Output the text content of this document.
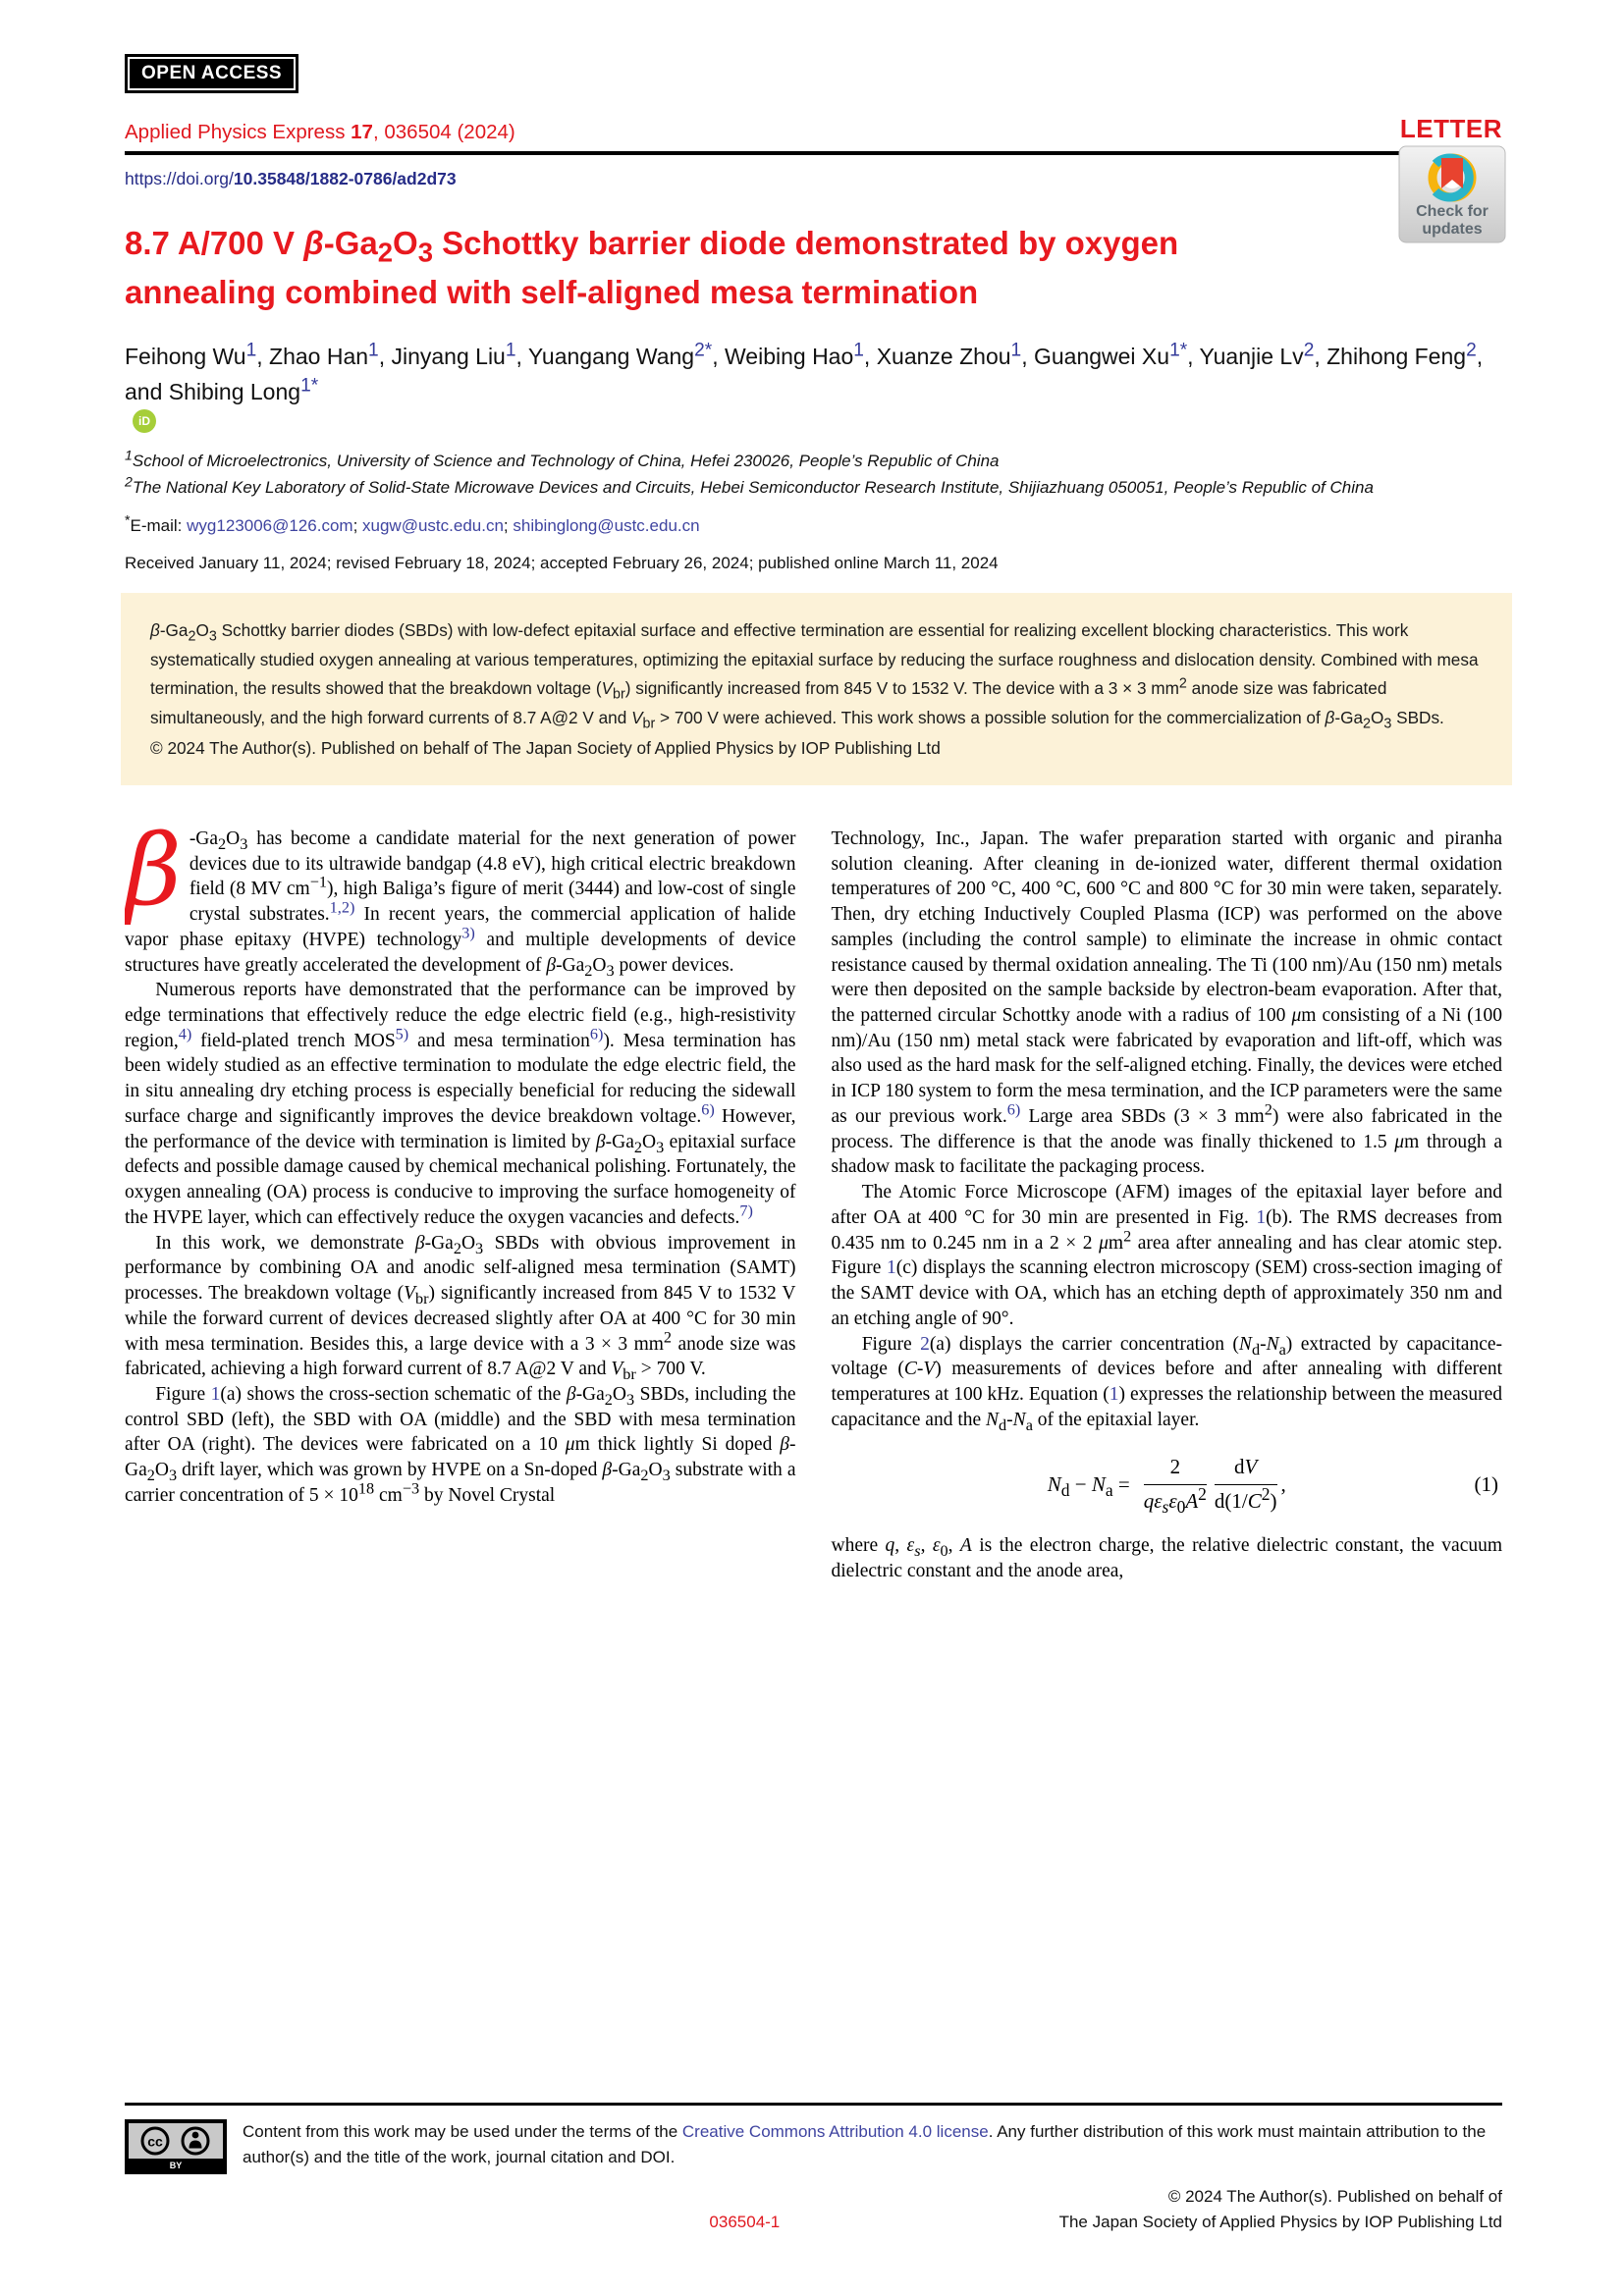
OPEN ACCESS
Applied Physics Express 17, 036504 (2024)	LETTER
https://doi.org/10.35848/1882-0786/ad2d73
Check for
updates
8.7 A/700 V $\beta-Ga_2O_3$ Schottky barrier diode demonstrated by oxygen annealing combined with self-aligned mesa termination
Feihong Wu$^1$, Zhao Han$^1$, Jinyang Liu$^1$, Yuangang Wang$^{2*}$, Weibing Hao$^1$, Xuanze Zhou$^1$, Guangwei $Xu^{1*}$, Yuanjie Lv$^2$, Zhihong Feng$^2$, and Shibing Long$^{1*}$
iD
$^1$School of Microelectronics, University of Science and Technology of China, Hefei 230026, People’s Republic of China
$^2$The National Key Laboratory of Solid-State Microwave Devices and Circuits, Hebei Semiconductor Research Institute, Shijiazhuang 050051, People’s Republic of China
*E-mail: wyg123006@126.com; xugw@ustc.edu.cn; shibinglong@ustc.edu.cn
Received January 11, 2024; revised February 18, 2024; accepted February 26, 2024; published online March 11, 2024
$\beta-Ga_2O_3$ Schottky barrier diodes (SBDs) with low-defect epitaxial surface and effective termination are essential for realizing excellent blocking characteristics. This work systematically studied oxygen annealing at various temperatures, optimizing the epitaxial surface by reducing the surface roughness and dislocation density. Combined with mesa termination, the results showed that the breakdown voltage $(V_{br})$ significantly increased from 845 V to 1532 V. The device with a 3 × 3 $mm^2$ anode size was fabricated simultaneously, and the high forward currents of 8.7 A@2 V and $V_{br} > 700$ V were achieved. This work shows a possible solution for the commercialization of $\beta-Ga_2O_3$ SBDs.
© 2024 The Author(s). Published on behalf of The Japan Society of Applied Physics by IOP Publishing Ltd

β $-Ga_2O_3$ has become a candidate material for the next generation of power devices due to its ultrawide bandgap (4.8 eV), high critical electric breakdown field (8 MV $cm^{-1}$), high Baliga’s figure of merit (3444) and low-cost of single crystal substrates.$^{1,2)}$ In recent years, the commercial application of halide vapor phase epitaxy (HVPE) technology$^{3)}$ and multiple developments of device structures have greatly accelerated the development of $\beta-Ga_2O_3$ power devices.

Numerous reports have demonstrated that the performance can be improved by edge terminations that effectively reduce the edge electric field (e.g., high-resistivity region,$^{4)}$ field-plated trench MOS$^{5)}$ and mesa termination$^{6)}$). Mesa termination has been widely studied as an effective termination to modulate the edge electric field, the in situ annealing dry etching process is especially beneficial for reducing the sidewall surface charge and significantly improves the device breakdown voltage.$^{6)}$ However, the performance of the device with termination is limited by $\beta-Ga_2O_3$ epitaxial surface defects and possible damage caused by chemical mechanical polishing. Fortunately, the oxygen annealing (OA) process is conducive to improving the surface homogeneity of the HVPE layer, which can effectively reduce the oxygen vacancies and defects.$^{7)}$

In this work, we demonstrate $\beta-Ga_2O_3$ SBDs with obvious improvement in performance by combining OA and anodic self-aligned mesa termination (SAMT) processes. The breakdown voltage $(V_{br})$ significantly increased from 845 V to 1532 V while the forward current of devices decreased slightly after OA at 400 °C for 30 min with mesa termination. Besides this, a large device with a 3 × 3 $mm^2$ anode size was fabricated, achieving a high forward current of 8.7 A@2 V and $V_{br} > 700$ V.

Figure 1(a) shows the cross-section schematic of the $\beta-Ga_2O_3$ SBDs, including the control SBD (left), the SBD with OA (middle) and the SBD with mesa termination after OA (right). The devices were fabricated on a 10 μm thick lightly Si doped $\beta-Ga_2O_3$ drift layer, which was grown by HVPE on a Sn-doped $\beta-Ga_2O_3$ substrate with a carrier concentration of $5 \times 10^{18}$ $cm^{-3}$ by Novel Crystal

Technology, Inc., Japan. The wafer preparation started with organic and piranha solution cleaning. After cleaning in de-ionized water, different thermal oxidation temperatures of 200 °C, 400 °C, 600 °C and 800 °C for 30 min were taken, separately. Then, dry etching Inductively Coupled Plasma (ICP) was performed on the above samples (including the control sample) to eliminate the increase in ohmic contact resistance caused by thermal oxidation annealing. The Ti (100 nm)/Au (150 nm) metals were then deposited on the sample backside by electron-beam evaporation. After that, the patterned circular Schottky anode with a radius of 100 μm consisting of a Ni (100 nm)/Au (150 nm) metal stack were fabricated by evaporation and lift-off, which was also used as the hard mask for the self-aligned etching. Finally, the devices were etched in ICP 180 system to form the mesa termination, and the ICP parameters were the same as our previous work.$^{6)}$ Large area SBDs (3 × 3 $mm^2$) were also fabricated in the process. The difference is that the anode was finally thickened to 1.5 μm through a shadow mask to facilitate the packaging process.

The Atomic Force Microscope (AFM) images of the epitaxial layer before and after OA at 400 °C for 30 min are presented in Fig. 1(b). The RMS decreases from 0.435 nm to 0.245 nm in a 2 × 2 $\mu m^2$ area after annealing and has clear atomic step. Figure 1(c) displays the scanning electron microscopy (SEM) cross-section imaging of the SAMT device with OA, which has an etching depth of approximately 350 nm and an etching angle of 90°.

Figure 2(a) displays the carrier concentration $(N_d-N_a)$ extracted by capacitance-voltage (C-V) measurements of devices before and after annealing with different temperatures at 100 kHz. Equation (1) expresses the relationship between the measured capacitance and the $N_d-N_a$ of the epitaxial layer.

$N_d - N_a = \frac{2}{q\varepsilon_s\varepsilon_0A^2} \frac{dV}{d(1/C^2)}$ ,	(1)

where q, $\varepsilon_s$, $\varepsilon_0$, A is the electron charge, the relative dielectric constant, the vacuum dielectric constant and the anode area,

cc
BY

Content from this work may be used under the terms of the Creative Commons Attribution 4.0 license. Any further distribution of this work must maintain attribution to the author(s) and the title of the work, journal citation and DOI.

© 2024 The Author(s). Published on behalf of
036504-1	The Japan Society of Applied Physics by IOP Publishing Ltd
